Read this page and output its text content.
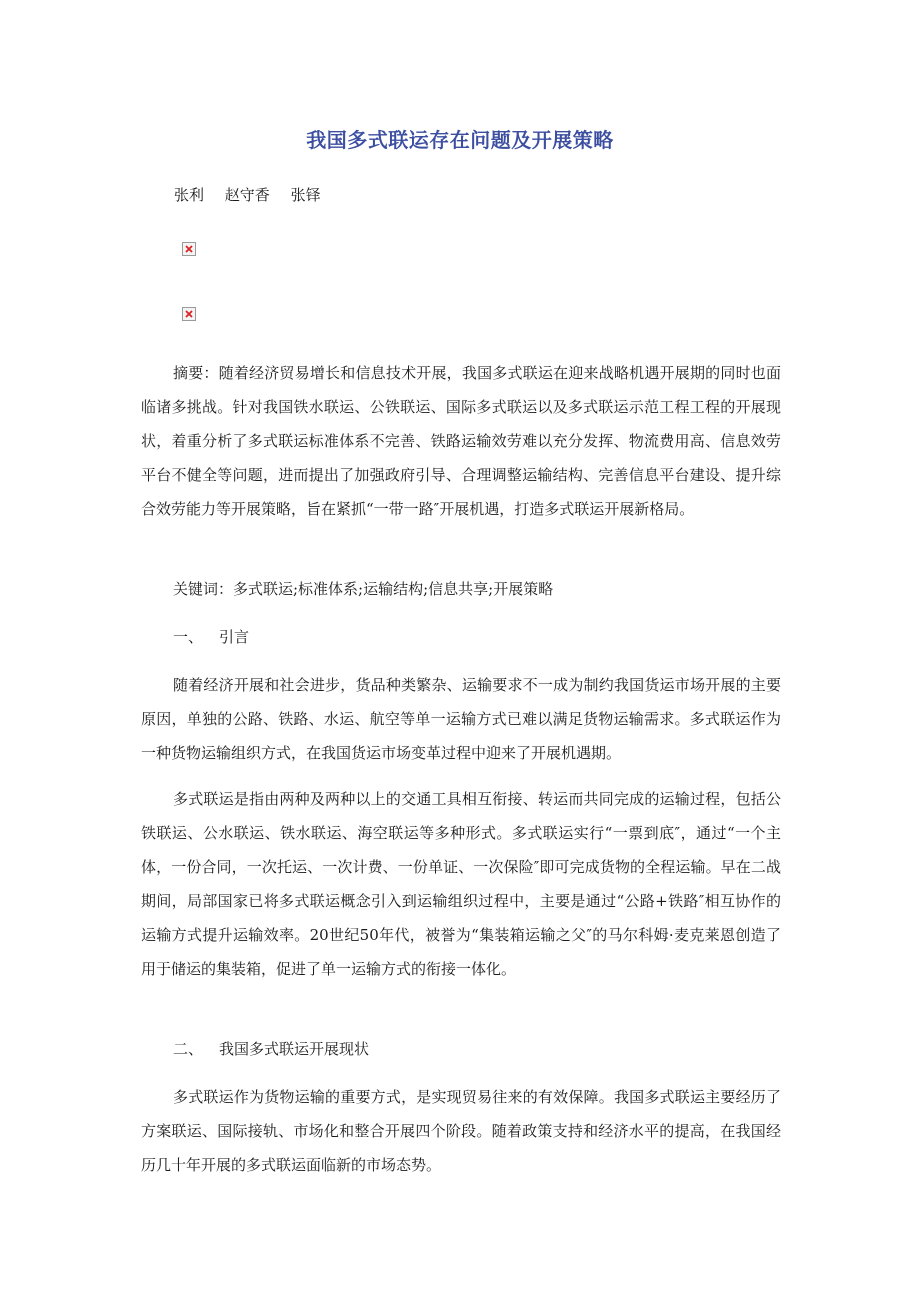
我国多式联运存在问题及开展策略
张利 赵守香 张铎

摘要：随着经济贸易增长和信息技术开展，我国多式联运在迎来战略机遇开展期的同时也面临诸多挑战。针对我国铁水联运、公铁联运、国际多式联运以及多式联运示范工程工程的开展现状，着重分析了多式联运标准体系不完善、铁路运输效劳难以充分发挥、物流费用高、信息效劳平台不健全等问题，进而提出了加强政府引导、合理调整运输结构、完善信息平台建设、提升综合效劳能力等开展策略，旨在紧抓“一带一路″开展机遇，打造多式联运开展新格局。

关键词：多式联运;标准体系;运输结构;信息共享;开展策略

一、 引言

随着经济开展和社会进步，货品种类繁杂、运输要求不一成为制约我国货运市场开展的主要原因，单独的公路、铁路、水运、航空等单一运输方式已难以满足货物运输需求。多式联运作为一种货物运输组织方式，在我国货运市场变革过程中迎来了开展机遇期。

多式联运是指由两种及两种以上的交通工具相互衔接、转运而共同完成的运输过程，包括公铁联运、公水联运、铁水联运、海空联运等多种形式。多式联运实行“一票到底″，通过“一个主体，一份合同，一次托运、一次计费、一份单证、一次保险″即可完成货物的全程运输。早在二战期间，局部国家已将多式联运概念引入到运输组织过程中，主要是通过“公路+铁路″相互协作的运输方式提升运输效率。20世纪50年代，被誉为“集装箱运输之父″的马尔科姆·麦克莱恩创造了用于储运的集装箱，促进了单一运输方式的衔接一体化。

二、 我国多式联运开展现状

多式联运作为货物运输的重要方式，是实现贸易往来的有效保障。我国多式联运主要经历了方案联运、国际接轨、市场化和整合开展四个阶段。随着政策支持和经济水平的提高，在我国经历几十年开展的多式联运面临新的市场态势。
